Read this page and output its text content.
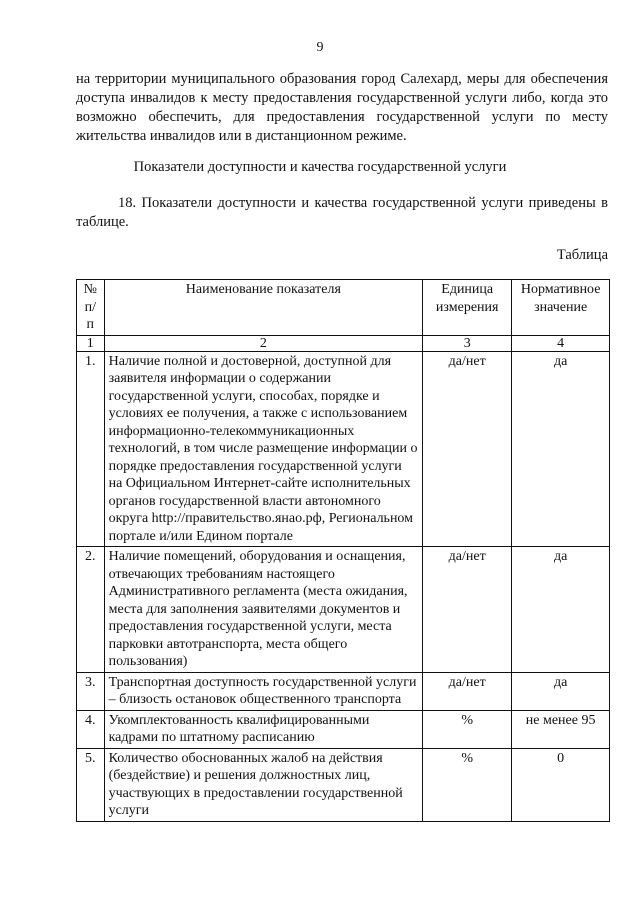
9

на территории муниципального образования город Салехард, меры для обеспечения доступа инвалидов к месту предоставления государственной услуги либо, когда это возможно обеспечить, для предоставления государственной услуги по месту жительства инвалидов или в дистанционном режиме.

Показатели доступности и качества государственной услуги

18. Показатели доступности и качества государственной услуги приведены в таблице.

Таблица
№ п/п	Наименование показателя	Единица измерения	Нормативное значение
1	2	3	4
1.	Наличие полной и достоверной, доступной для заявителя информации о содержании государственной услуги, способах, порядке и условиях ее получения, а также с использованием информационно-телекоммуникационных технологий, в том числе размещение информации о порядке предоставления государственной услуги на Официальном Интернет-сайте исполнительных органов государственной власти автономного округа http://правительство.янао.рф, Региональном портале и/или Едином портале	да/нет	да
2.	Наличие помещений, оборудования и оснащения, отвечающих требованиям настоящего Административного регламента (места ожидания, места для заполнения заявителями документов и предоставления государственной услуги, места парковки автотранспорта, места общего пользования)	да/нет	да
3.	Транспортная доступность государственной услуги – близость остановок общественного транспорта	да/нет	да
4.	Укомплектованность квалифицированными кадрами по штатному расписанию	%	не менее 95
5.	Количество обоснованных жалоб на действия (бездействие) и решения должностных лиц, участвующих в предоставлении государственной услуги	%	0
